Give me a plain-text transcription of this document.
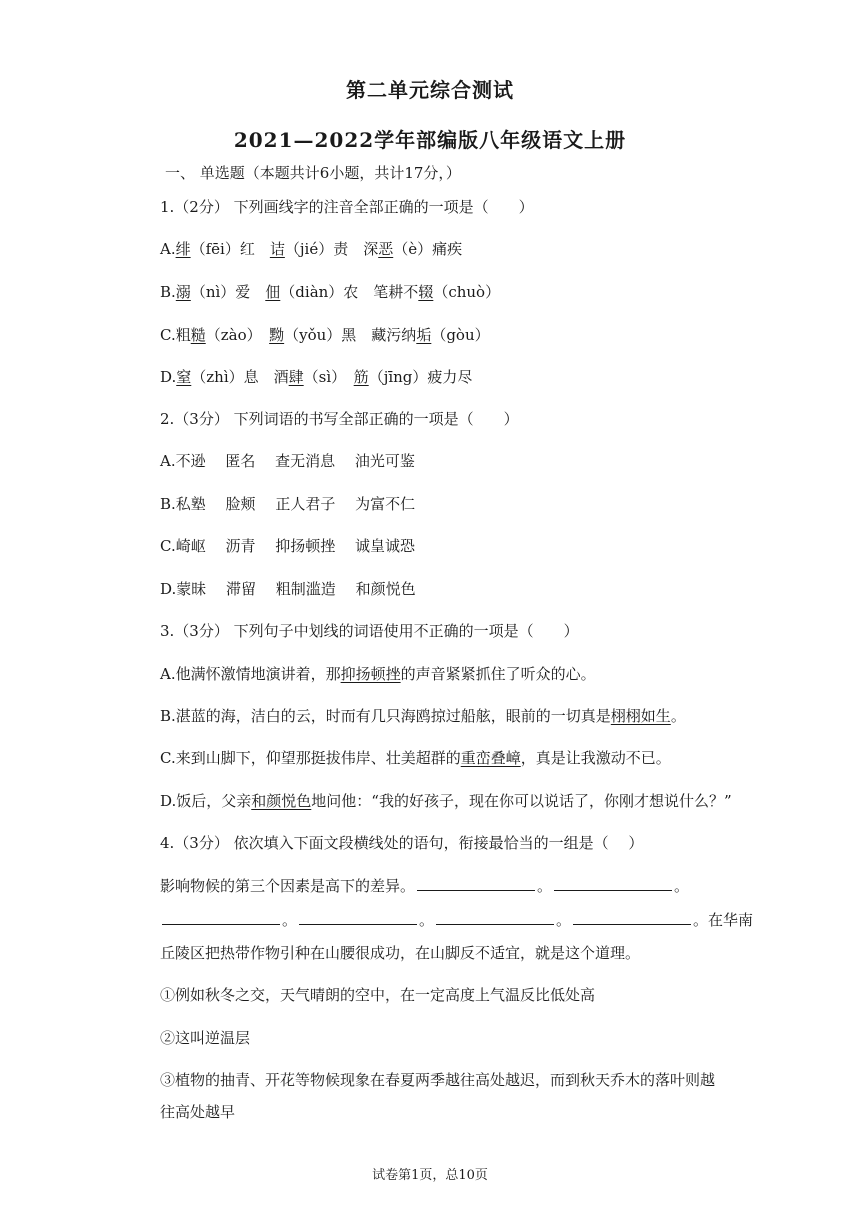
第二单元综合测试
2021—2022学年部编版八年级语文上册
一、 单选题（本题共计6小题，共计17分，）
1.（2分） 下列画线字的注音全部正确的一项是（　　）
A.绯（fēi）红　诘（jié）责　深恶（è）痛疾
B.溺（nì）爱　佃（diàn）农　笔耕不辍（chuò）
C.粗糙（zào）　黝（yǒu）黑　藏污纳垢（gòu）
D.窒（zhì）息　酒肆（sì）　筋（jīng）疲力尽
2.（3分） 下列词语的书写全部正确的一项是（　　）
A.不逊　 匿名　 查无消息　 油光可鉴
B.私塾　 脸颊　 正人君子　 为富不仁
C.崎岖　 沥青　 抑扬顿挫　 诚皇诚恐
D.蒙昧　 滞留　 粗制滥造　 和颜悦色
3.（3分） 下列句子中划线的词语使用不正确的一项是（　　）
A.他满怀激情地演讲着，那抑扬顿挫的声音紧紧抓住了听众的心。
B.湛蓝的海，洁白的云，时而有几只海鸥掠过船舷，眼前的一切真是栩栩如生。
C.来到山脚下，仰望那挺拔伟岸、壮美超群的重峦叠嶂，真是让我激动不已。
D.饭后，父亲和颜悦色地问他：“我的好孩子，现在你可以说话了，你刚才想说什么？”
4.（3分） 依次填入下面文段横线处的语句，衔接最恰当的一组是（　 ）
影响物候的第三个因素是高下的差异。	。	。
。	。	。	。在华南
丘陵区把热带作物引种在山腰很成功，在山脚反不适宜，就是这个道理。
①例如秋冬之交，天气晴朗的空中，在一定高度上气温反比低处高
②这叫逆温层
③植物的抽青、开花等物候现象在春夏两季越往高处越迟，而到秋天乔木的落叶则越
往高处越早
试卷第1页，总10页
